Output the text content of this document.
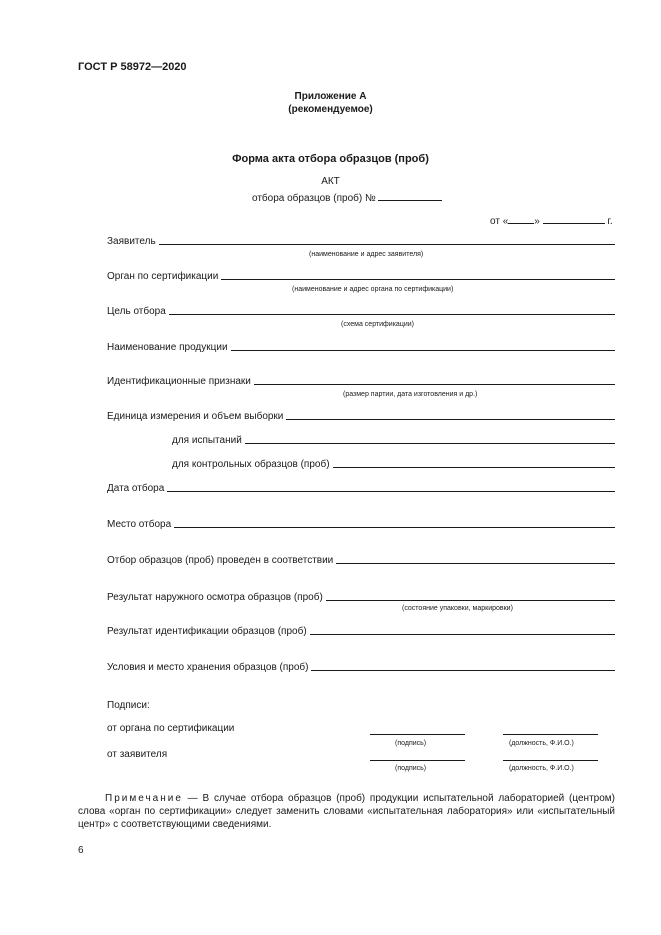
ГОСТ Р 58972—2020
Приложение А
(рекомендуемое)
Форма акта отбора образцов (проб)
АКТ
отбора образцов (проб) №
от «	»	г.
Заявитель
(наименование и адрес заявителя)
Орган по сертификации
(наименование и адрес органа по сертификации)
Цель отбора
(схема сертификации)
Наименование продукции
Идентификационные признаки
(размер партии, дата изготовления и др.)
Единица измерения и объем выборки
для испытаний
для контрольных образцов (проб)
Дата отбора
Место отбора
Отбор образцов (проб) проведен в соответствии
Результат наружного осмотра образцов (проб)
(состояние упаковки, маркировки)
Результат идентификации образцов (проб)
Условия и место хранения образцов (проб)
Подписи:
от органа по сертификации
(подпись)	(должность, Ф.И.О.)
от заявителя
(подпись)	(должность, Ф.И.О.)
Примечание — В случае отбора образцов (проб) продукции испытательной лабораторией (центром) слова «орган по сертификации» следует заменить словами «испытательная лаборатория» или «испытательный центр» с соответствующими сведениями.
6
